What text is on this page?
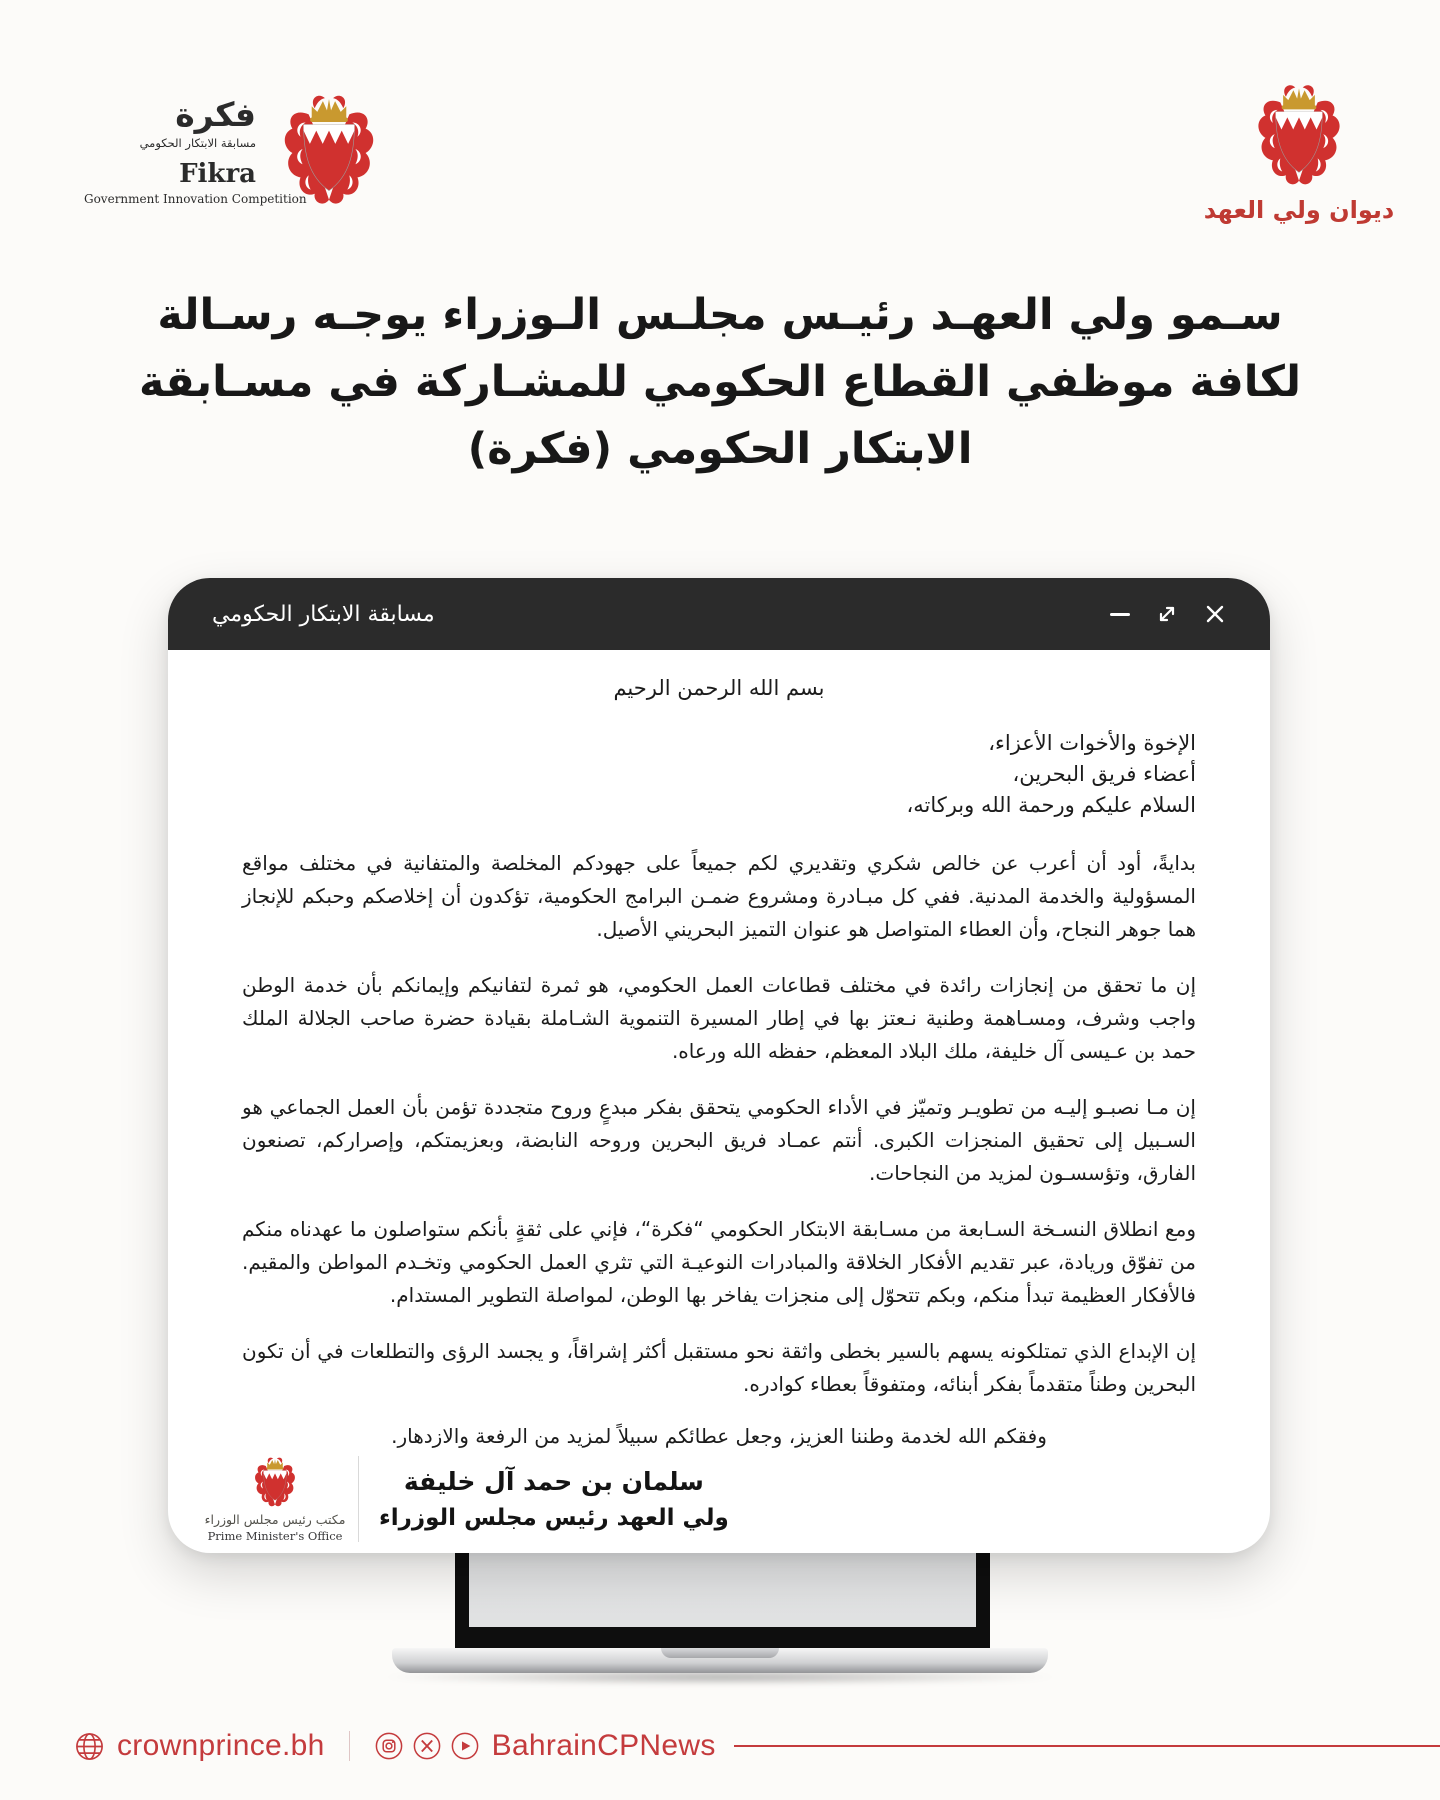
فكرة
مسابقة الابتكار الحكومي
Fikra
Government Innovation Competition	ديوان ولي العهد
سـمو ولي العهـد رئيـس مجلـس الـوزراء يوجـه رسـالة
لكافة موظفي القطاع الحكومي للمشـاركة في مسـابقة
الابتكار الحكومي (فكرة)
مسابقة الابتكار الحكومي
بسم الله الرحمن الرحيم
الإخوة والأخوات الأعزاء،
أعضاء فريق البحرين،
السلام عليكم ورحمة الله وبركاته،
بدايةً، أود أن أعرب عن خالص شكري وتقديري لكم جميعاً على جهودكم المخلصة والمتفانية في مختلف مواقع المسؤولية والخدمة المدنية. ففي كل مبـادرة ومشروع ضمـن البرامج الحكومية، تؤكدون أن إخلاصكم وحبكم للإنجاز هما جوهر النجاح، وأن العطاء المتواصل هو عنوان التميز البحريني الأصيل.
إن ما تحقق من إنجازات رائدة في مختلف قطاعات العمل الحكومي، هو ثمرة لتفانيكم وإيمانكم بأن خدمة الوطن واجب وشرف، ومسـاهمة وطنية نـعتز بها في إطار المسيرة التنموية الشـاملة بقيادة حضرة صاحب الجلالة الملك حمد بن عـيسى آل خليفة، ملك البلاد المعظم، حفظه الله ورعاه.
إن مـا نصبـو إليـه من تطويـر وتميّز في الأداء الحكومي يتحقق بفكر مبدعٍ وروح متجددة تؤمن بأن العمل الجماعي هو السـبيل إلى تحقيق المنجزات الكبرى. أنتم عمـاد فريق البحرين وروحه النابضة، وبعزيمتكم، وإصراركم، تصنعون الفارق، وتؤسسـون لمزيد من النجاحات.
ومع انطلاق النسـخة السـابعة من مسـابقة الابتكار الحكومي “فكرة“، فإني على ثقةٍ بأنكم ستواصلون ما عهدناه منكم من تفوّق وريادة، عبر تقديم الأفكار الخلاقة والمبادرات النوعيـة التي تثري العمل الحكومي وتخـدم المواطن والمقيم. فالأفكار العظيمة تبدأ منكم، وبكم تتحوّل إلى منجزات يفاخر بها الوطن، لمواصلة التطوير المستدام.
إن الإبداع الذي تمتلكونه يسهم بالسير بخطى واثقة نحو مستقبل أكثر إشراقاً، و يجسد الرؤى والتطلعات في أن تكون البحرين وطناً متقدماً بفكر أبنائه، ومتفوقاً بعطاء كوادره.
وفقكم الله لخدمة وطننا العزيز، وجعل عطائكم سبيلاً لمزيد من الرفعة والازدهار.
مكتب رئيس مجلس الوزراء
Prime Minister's Office
سلمان بن حمد آل خليفة
ولي العهد رئيس مجلس الوزراء
crownprince.bh	BahrainCPNews
